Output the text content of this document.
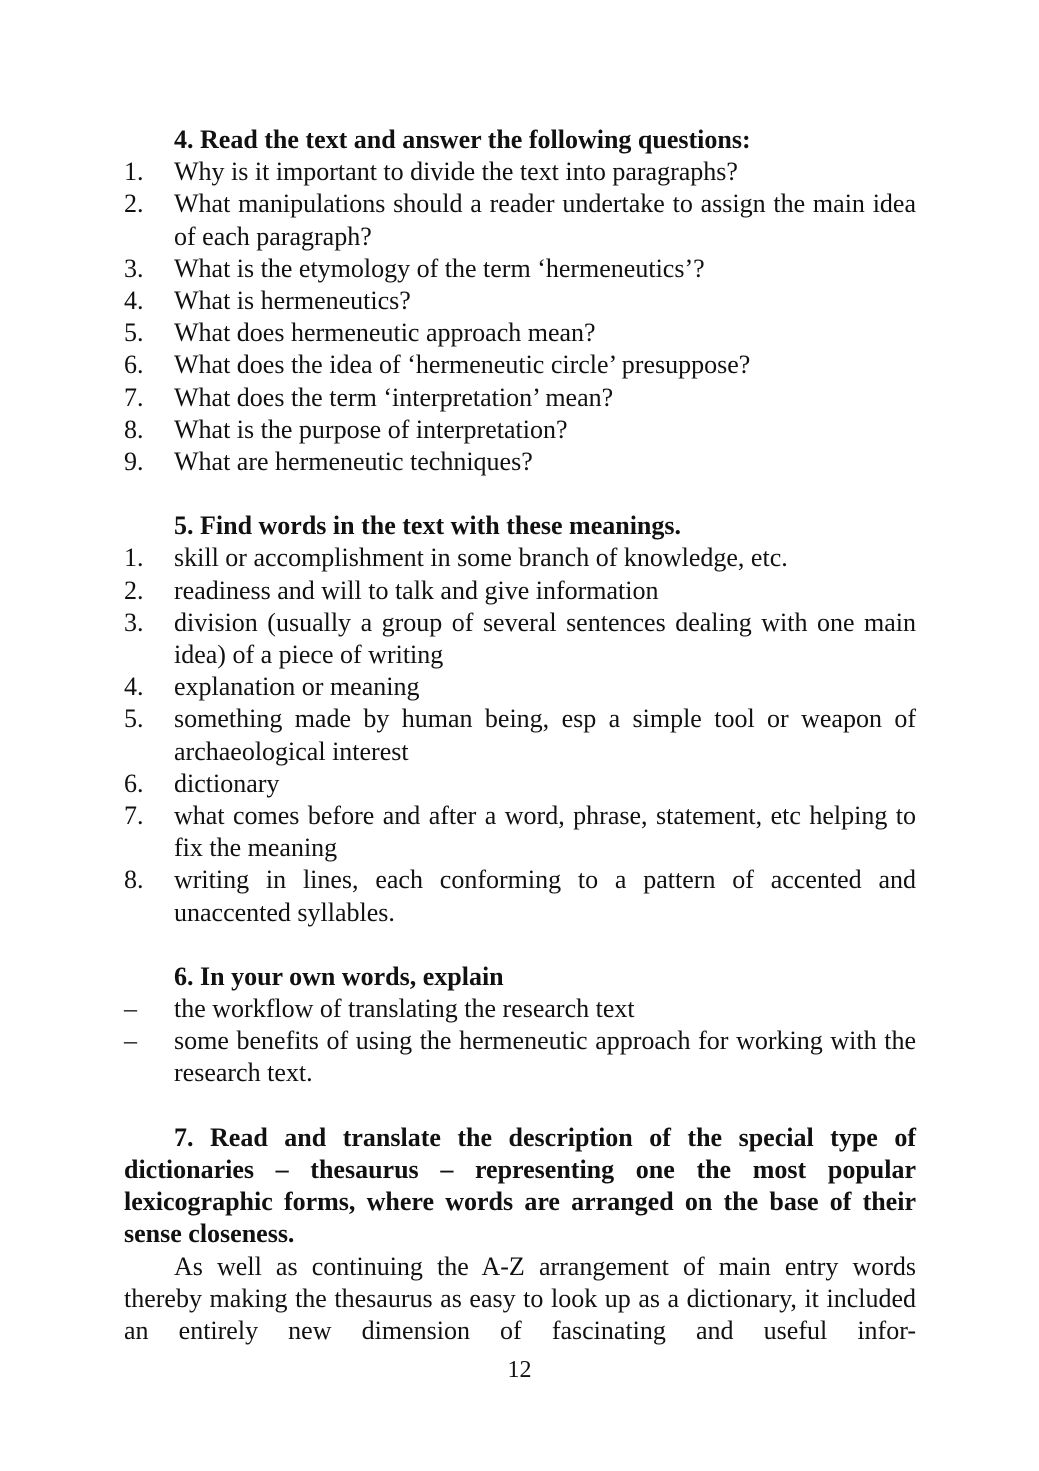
4. Read the text and answer the following questions:

1.	Why is it important to divide the text into paragraphs?
2.	What manipulations should a reader undertake to assign the main idea of each paragraph?
3.	What is the etymology of the term ‘hermeneutics’?
4.	What is hermeneutics?
5.	What does hermeneutic approach mean?
6.	What does the idea of ‘hermeneutic circle’ presuppose?
7.	What does the term ‘interpretation’ mean?
8.	What is the purpose of interpretation?
9.	What are hermeneutic techniques?

5. Find words in the text with these meanings.

1.	skill or accomplishment in some branch of knowledge, etc.
2.	readiness and will to talk and give information
3.	division (usually a group of several sentences dealing with one main idea) of a piece of writing
4.	explanation or meaning
5.	something made by human being, esp a simple tool or weapon of archaeological interest
6.	dictionary
7.	what comes before and after a word, phrase, statement, etc helping to fix the meaning
8.	writing in lines, each conforming to a pattern of accented and unaccented syllables.

6. In your own words, explain

–	the workflow of translating the research text
–	some benefits of using the hermeneutic approach for working with the research text.

7. Read and translate the description of the special type of dictionaries – thesaurus – representing one the most popular lexicographic forms, where words are arranged on the base of their sense closeness.

As well as continuing the A-Z arrangement of main entry words thereby making the thesaurus as easy to look up as a dictionary, it included an entirely new dimension of fascinating and useful infor-

12
